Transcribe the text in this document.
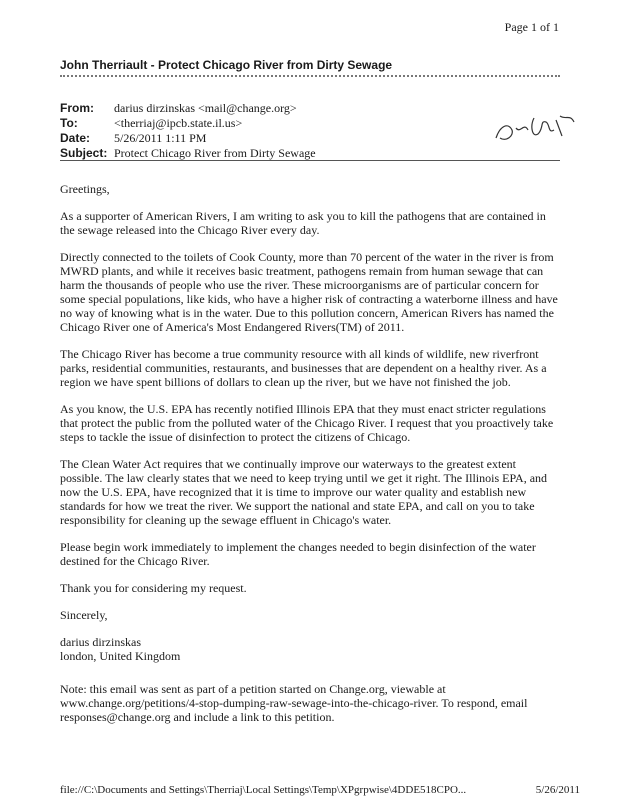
Page 1 of 1
John Therriault - Protect Chicago River from Dirty Sewage
From:	darius dirzinskas <mail@change.org>
To:	<therriaj@ipcb.state.il.us>
Date:	5/26/2011 1:11 PM
Subject: Protect Chicago River from Dirty Sewage

Greetings,

As a supporter of American Rivers, I am writing to ask you to kill the pathogens that are contained in the sewage released into the Chicago River every day.

Directly connected to the toilets of Cook County, more than 70 percent of the water in the river is from MWRD plants, and while it receives basic treatment, pathogens remain from human sewage that can harm the thousands of people who use the river. These microorganisms are of particular concern for some special populations, like kids, who have a higher risk of contracting a waterborne illness and have no way of knowing what is in the water. Due to this pollution concern, American Rivers has named the Chicago River one of America's Most Endangered Rivers(TM) of 2011.

The Chicago River has become a true community resource with all kinds of wildlife, new riverfront parks, residential communities, restaurants, and businesses that are dependent on a healthy river. As a region we have spent billions of dollars to clean up the river, but we have not finished the job.

As you know, the U.S. EPA has recently notified Illinois EPA that they must enact stricter regulations that protect the public from the polluted water of the Chicago River. I request that you proactively take steps to tackle the issue of disinfection to protect the citizens of Chicago.

The Clean Water Act requires that we continually improve our waterways to the greatest extent possible. The law clearly states that we need to keep trying until we get it right. The Illinois EPA, and now the U.S. EPA, have recognized that it is time to improve our water quality and establish new standards for how we treat the river. We support the national and state EPA, and call on you to take responsibility for cleaning up the sewage effluent in Chicago's water.

Please begin work immediately to implement the changes needed to begin disinfection of the water destined for the Chicago River.

Thank you for considering my request.

Sincerely,

darius dirzinskas
london, United Kingdom
Note: this email was sent as part of a petition started on Change.org, viewable at www.change.org/petitions/4-stop-dumping-raw-sewage-into-the-chicago-river. To respond, email responses@change.org and include a link to this petition.
file://C:\Documents and Settings\Therriaj\Local Settings\Temp\XPgrpwise\4DDE518CPO...	5/26/2011
